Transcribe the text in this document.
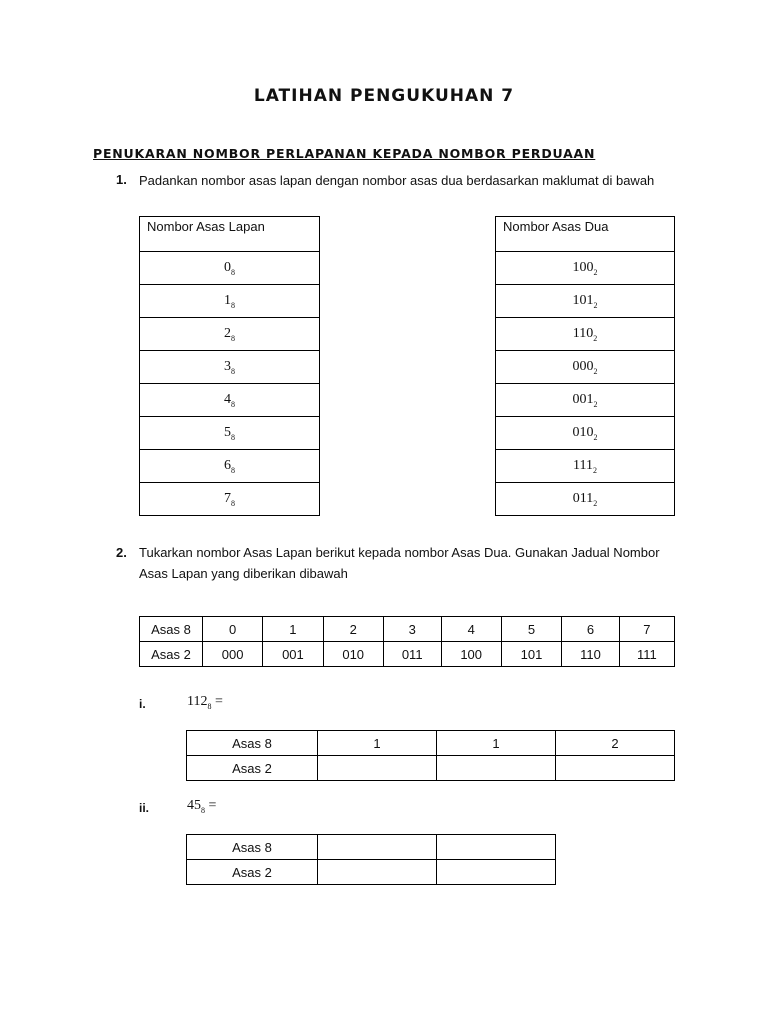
LATIHAN PENGUKUHAN 7
PENUKARAN NOMBOR PERLAPANAN KEPADA NOMBOR PERDUAAN
1. Padankan nombor asas lapan dengan nombor asas dua berdasarkan maklumat di bawah
Nombor Asas Lapan
$0_8$
$1_8$
$2_8$
$3_8$
$4_8$
$5_8$
$6_8$
$7_8$
Nombor Asas Dua
$100_2$
$101_2$
$110_2$
$000_2$
$001_2$
$010_2$
$111_2$
$011_2$
2. Tukarkan nombor Asas Lapan berikut kepada nombor Asas Dua. Gunakan Jadual Nombor Asas Lapan yang diberikan dibawah
Asas 8	0	1	2	3	4	5	6	7
Asas 2	000	001	010	011	100	101	110	111
i.	$112_8$ =
Asas 8	1	1	2
Asas 2			
ii.	$45_8$ =
Asas 8		
Asas 2		
